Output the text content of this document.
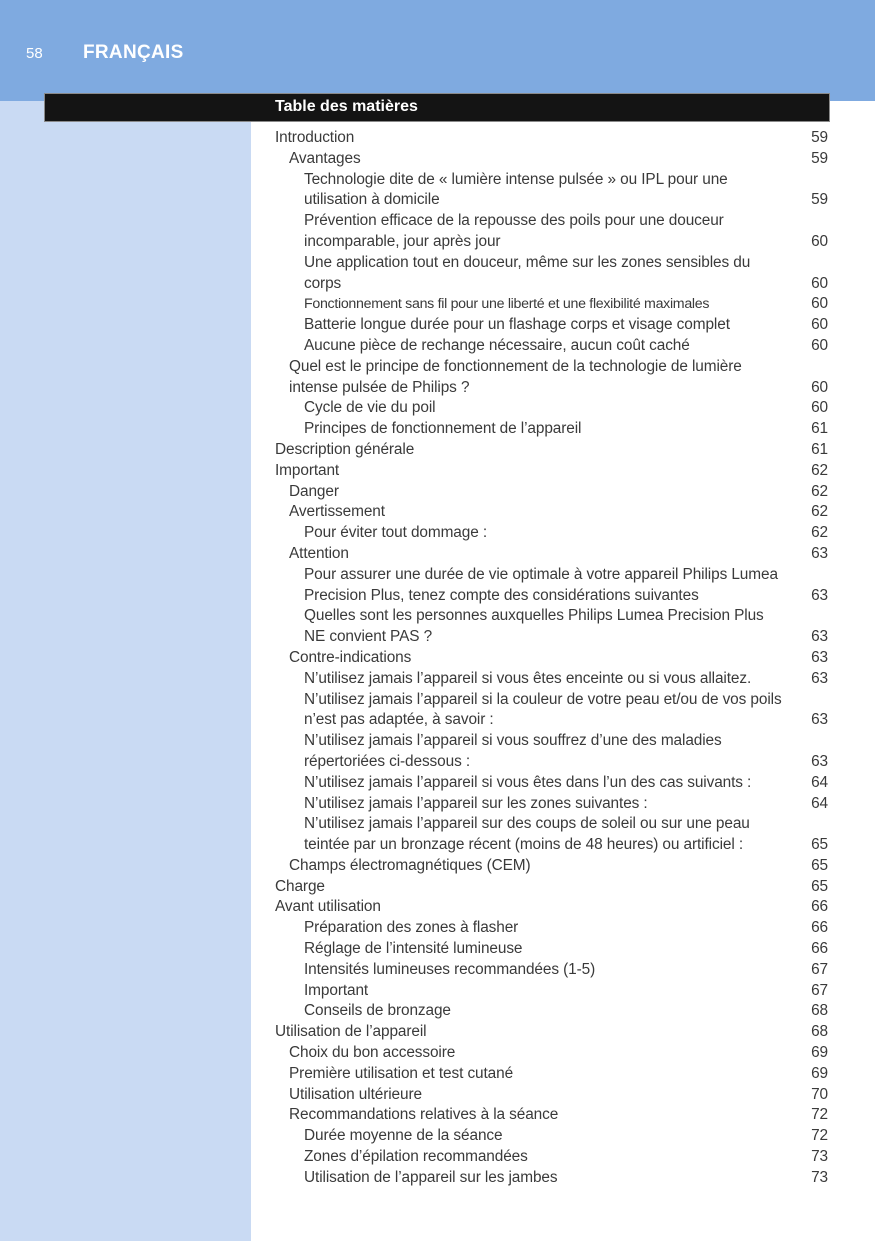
58 FRANÇAIS
Table des matières
Introduction	59
Avantages	59
Technologie dite de « lumière intense pulsée » ou IPL pour une utilisation à domicile	59
Prévention efficace de la repousse des poils pour une douceur incomparable, jour après jour	60
Une application tout en douceur, même sur les zones sensibles du corps	60
Fonctionnement sans fil pour une liberté et une flexibilité maximales	60
Batterie longue durée pour un flashage corps et visage complet	60
Aucune pièce de rechange nécessaire, aucun coût caché	60
Quel est le principe de fonctionnement de la technologie de lumière intense pulsée de Philips ?	60
Cycle de vie du poil	60
Principes de fonctionnement de l’appareil	61
Description générale	61
Important	62
Danger	62
Avertissement	62
Pour éviter tout dommage :	62
Attention	63
Pour assurer une durée de vie optimale à votre appareil Philips Lumea Precision Plus, tenez compte des considérations suivantes	63
Quelles sont les personnes auxquelles Philips Lumea Precision Plus NE convient PAS ?	63
Contre-indications	63
N’utilisez jamais l’appareil si vous êtes enceinte ou si vous allaitez.	63
N’utilisez jamais l’appareil si la couleur de votre peau et/ou de vos poils n’est pas adaptée, à savoir :	63
N’utilisez jamais l’appareil si vous souffrez d’une des maladies répertoriées ci-dessous :	63
N’utilisez jamais l’appareil si vous êtes dans l’un des cas suivants :	64
N’utilisez jamais l’appareil sur les zones suivantes :	64
N’utilisez jamais l’appareil sur des coups de soleil ou sur une peau teintée par un bronzage récent (moins de 48 heures) ou artificiel :	65
Champs électromagnétiques (CEM)	65
Charge	65
Avant utilisation	66
Préparation des zones à flasher	66
Réglage de l’intensité lumineuse	66
Intensités lumineuses recommandées (1-5)	67
Important	67
Conseils de bronzage	68
Utilisation de l’appareil	68
Choix du bon accessoire	69
Première utilisation et test cutané	69
Utilisation ultérieure	70
Recommandations relatives à la séance	72
Durée moyenne de la séance	72
Zones d’épilation recommandées	73
Utilisation de l’appareil sur les jambes	73
